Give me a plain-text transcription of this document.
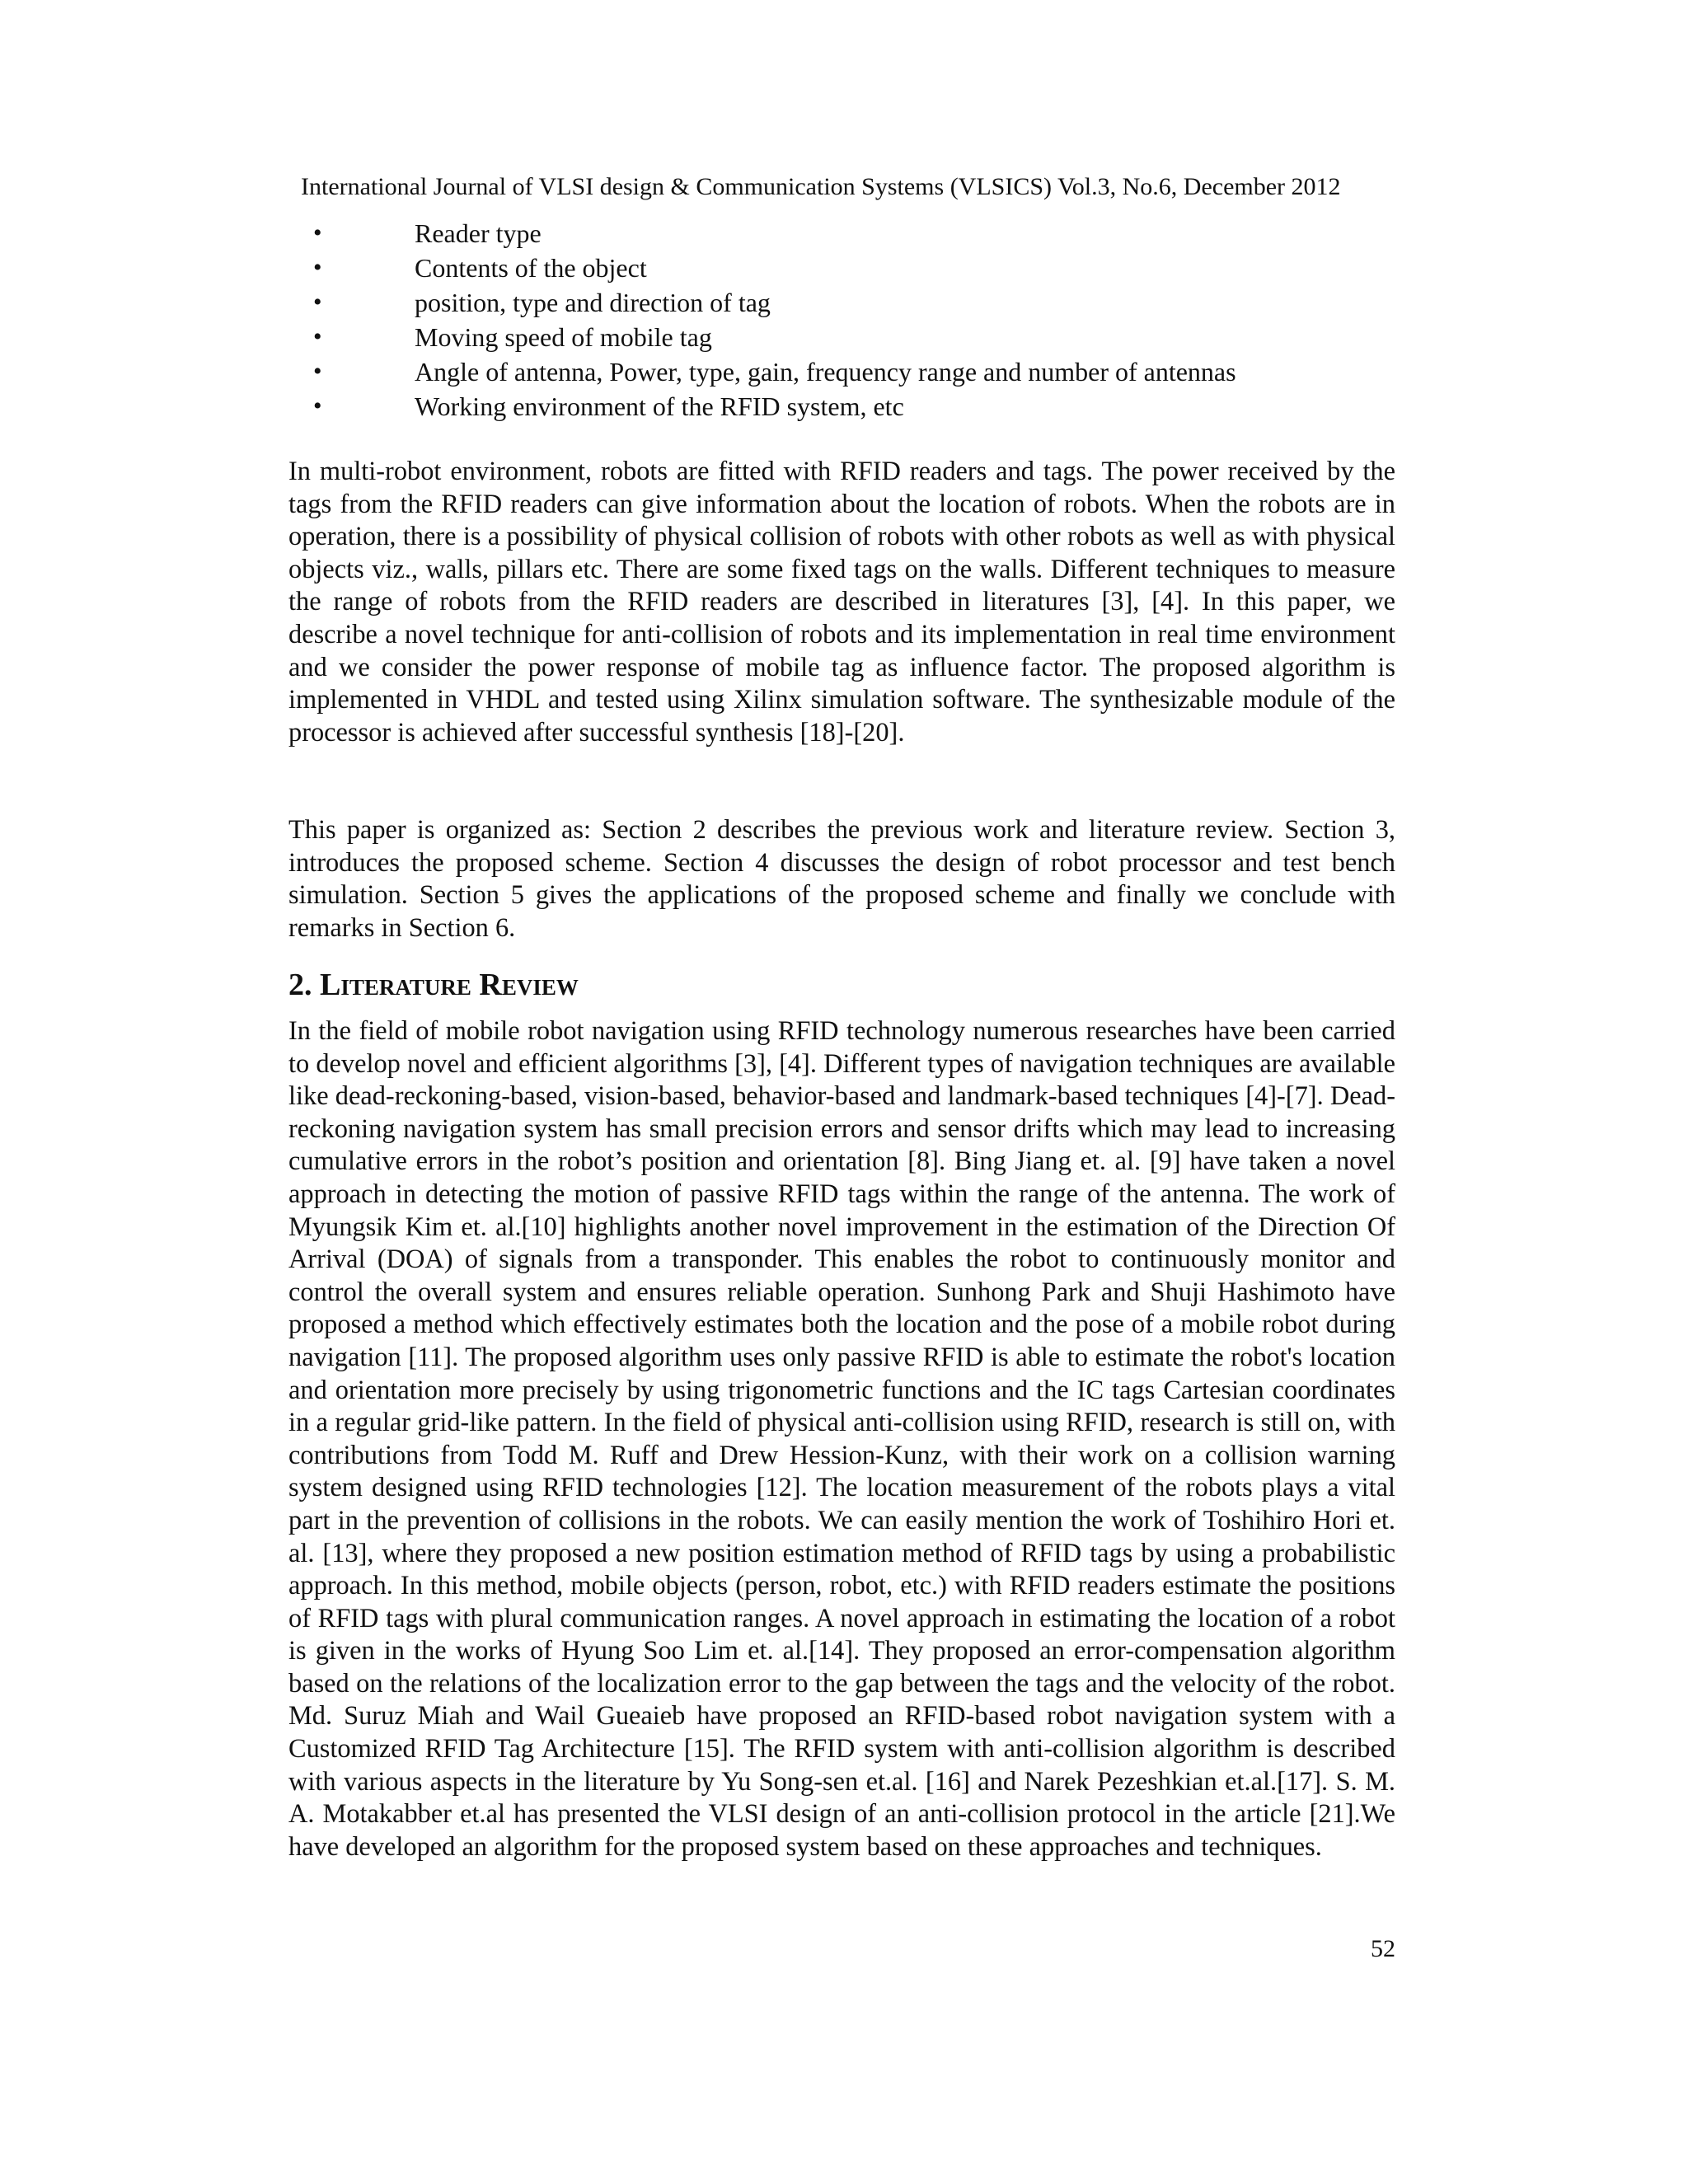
International Journal of VLSI design & Communication Systems (VLSICS) Vol.3, No.6, December 2012
•	Reader type
•	Contents of the object
•	position, type and direction of tag
•	Moving speed of mobile tag
•	Angle of antenna, Power, type, gain, frequency range and number of antennas
•	Working environment of the RFID system, etc

In multi-robot environment, robots are fitted with RFID readers and tags. The power received by the tags from the RFID readers can give information about the location of robots. When the robots are in operation, there is a possibility of physical collision of robots with other robots as well as with physical objects viz., walls, pillars etc. There are some fixed tags on the walls. Different techniques to measure the range of robots from the RFID readers are described in literatures [3], [4]. In this paper, we describe a novel technique for anti-collision of robots and its implementation in real time environment and we consider the power response of mobile tag as influence factor. The proposed algorithm is implemented in VHDL and tested using Xilinx simulation software. The synthesizable module of the processor is achieved after successful synthesis [18]-[20].

This paper is organized as: Section 2 describes the previous work and literature review. Section 3, introduces the proposed scheme. Section 4 discusses the design of robot processor and test bench simulation. Section 5 gives the applications of the proposed scheme and finally we conclude with remarks in Section 6.

2. Literature Review

In the field of mobile robot navigation using RFID technology numerous researches have been carried to develop novel and efficient algorithms [3], [4]. Different types of navigation techniques are available like dead-reckoning-based, vision-based, behavior-based and landmark-based techniques [4]-[7]. Dead-reckoning navigation system has small precision errors and sensor drifts which may lead to increasing cumulative errors in the robot’s position and orientation [8]. Bing Jiang et. al. [9] have taken a novel approach in detecting the motion of passive RFID tags within the range of the antenna. The work of Myungsik Kim et. al.[10] highlights another novel improvement in the estimation of the Direction Of Arrival (DOA) of signals from a transponder. This enables the robot to continuously monitor and control the overall system and ensures reliable operation. Sunhong Park and Shuji Hashimoto have proposed a method which effectively estimates both the location and the pose of a mobile robot during navigation [11]. The proposed algorithm uses only passive RFID is able to estimate the robot's location and orientation more precisely by using trigonometric functions and the IC tags Cartesian coordinates in a regular grid-like pattern. In the field of physical anti-collision using RFID, research is still on, with contributions from Todd M. Ruff and Drew Hession-Kunz, with their work on a collision warning system designed using RFID technologies [12]. The location measurement of the robots plays a vital part in the prevention of collisions in the robots. We can easily mention the work of Toshihiro Hori et. al. [13], where they proposed a new position estimation method of RFID tags by using a probabilistic approach. In this method, mobile objects (person, robot, etc.) with RFID readers estimate the positions of RFID tags with plural communication ranges. A novel approach in estimating the location of a robot is given in the works of Hyung Soo Lim et. al.[14]. They proposed an error-compensation algorithm based on the relations of the localization error to the gap between the tags and the velocity of the robot. Md. Suruz Miah and Wail Gueaieb have proposed an RFID-based robot navigation system with a Customized RFID Tag Architecture [15]. The RFID system with anti-collision algorithm is described with various aspects in the literature by Yu Song-sen et.al. [16] and Narek Pezeshkian et.al.[17]. S. M. A. Motakabber et.al has presented the VLSI design of an anti-collision protocol in the article [21].We have developed an algorithm for the proposed system based on these approaches and techniques.

52
